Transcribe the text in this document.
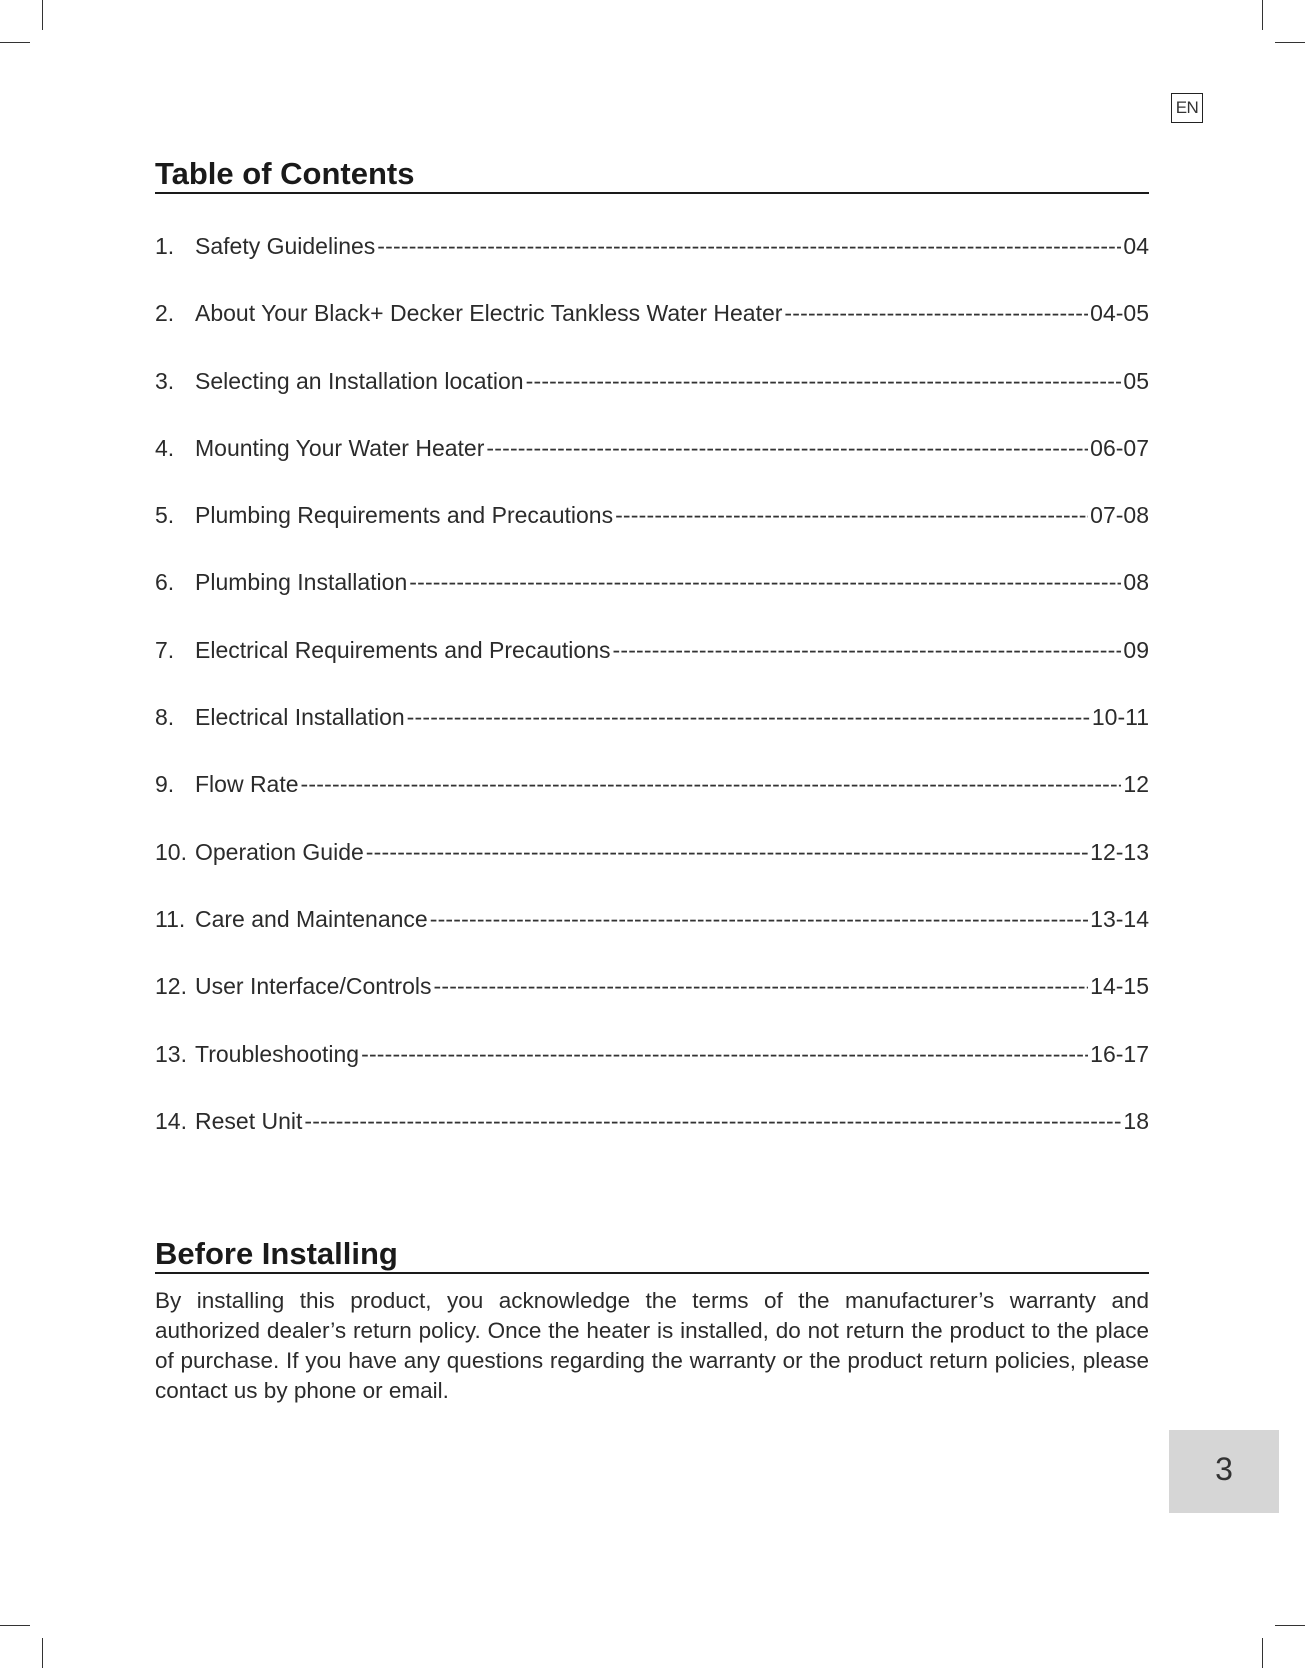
EN
Table of Contents
1. Safety Guidelines -----	04
2. About Your Black+ Decker Electric Tankless Water Heater -----	04-05
3. Selecting an Installation location -----	05
4. Mounting Your Water Heater -----	06-07
5. Plumbing Requirements and Precautions -----	07-08
6. Plumbing Installation -----	08
7. Electrical Requirements and Precautions -----	09
8. Electrical Installation -----	10-11
9. Flow Rate -----	12
10. Operation Guide -----	12-13
11. Care and Maintenance -----	13-14
12. User Interface/Controls -----	14-15
13. Troubleshooting -----	16-17
14. Reset Unit -----	18
Before Installing

By installing this product, you acknowledge the terms of the manufacturer’s warranty and authorized dealer’s return policy. Once the heater is installed, do not return the product to the place of purchase. If you have any questions regarding the warranty or the product return policies, please contact us by phone or email.

3
